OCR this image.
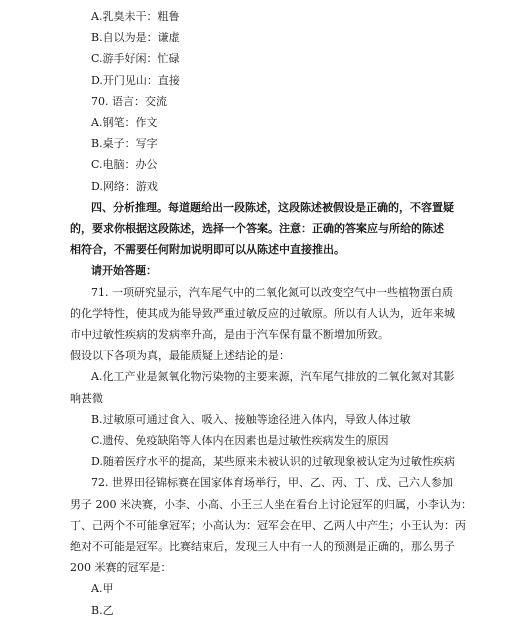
A.乳臭未干：粗鲁
B.自以为是：谦虚
C.游手好闲：忙碌
D.开门见山：直接
70. 语言：交流
A.钢笔：作文
B.桌子：写字
C.电脑：办公
D.网络：游戏
四、分析推理。每道题给出一段陈述，这段陈述被假设是正确的，不容置疑
的，要求你根据这段陈述，选择一个答案。注意：正确的答案应与所给的陈述
相符合，不需要任何附加说明即可以从陈述中直接推出。
请开始答题：
71. 一项研究显示，汽车尾气中的二氧化氮可以改变空气中一些植物蛋白质
的化学特性，使其成为能导致严重过敏反应的过敏原。所以有人认为，近年来城
市中过敏性疾病的发病率升高，是由于汽车保有量不断增加所致。
假设以下各项为真，最能质疑上述结论的是：
A.化工产业是氮氧化物污染物的主要来源，汽车尾气排放的二氧化氮对其影
响甚微
B.过敏原可通过食入、吸入、接触等途径进入体内，导致人体过敏
C.遗传、免疫缺陷等人体内在因素也是过敏性疾病发生的原因
D.随着医疗水平的提高，某些原来未被认识的过敏现象被认定为过敏性疾病
72. 世界田径锦标赛在国家体育场举行，甲、乙、丙、丁、戊、己六人参加
男子 200 米决赛，小李、小高、小王三人坐在看台上讨论冠军的归属，小李认为：
丁、己两个不可能拿冠军；小高认为：冠军会在甲、乙两人中产生；小王认为：丙
绝对不可能是冠军。比赛结束后，发现三人中有一人的预测是正确的，那么男子
200 米赛的冠军是：
A.甲
B.乙
